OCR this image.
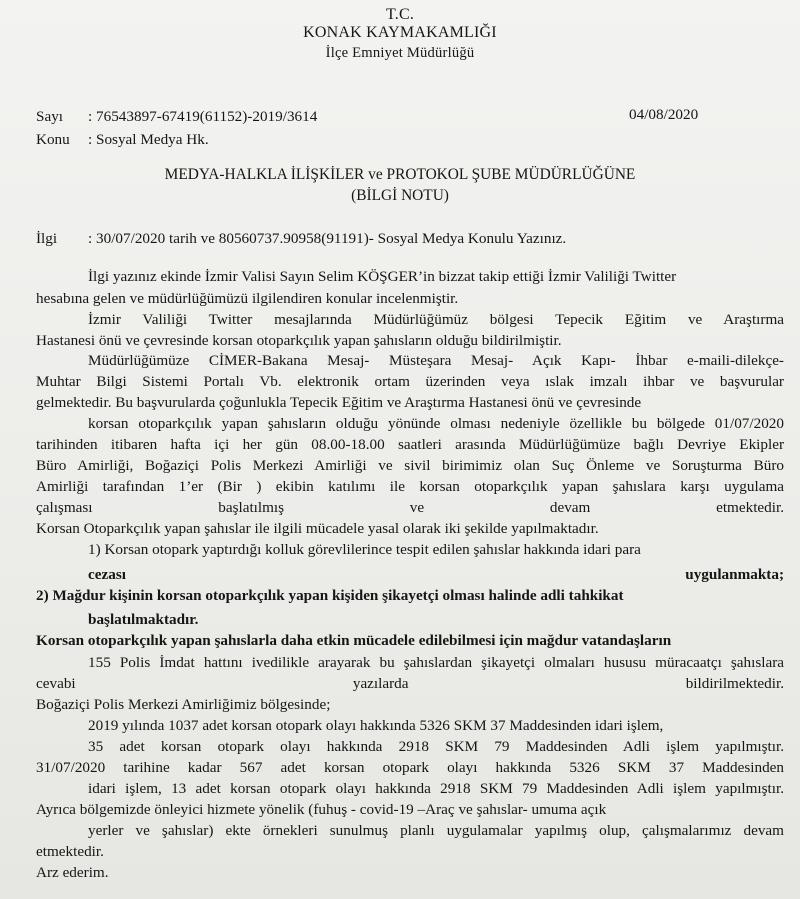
T.C.
KONAK KAYMAKAMLIĞI
İlçe Emniyet Müdürlüğü
Sayı : 76543897-67419(61152)-2019/3614	04/08/2020
Konu : Sosyal Medya Hk.
MEDYA-HALKLA İLİŞKİLER ve PROTOKOL ŞUBE MÜDÜRLÜĞÜNE
(BİLGİ NOTU)
İlgi : 30/07/2020 tarih ve 80560737.90958(91191)- Sosyal Medya Konulu Yazınız.
İlgi yazınız ekinde İzmir Valisi Sayın Selim KÖŞGER’in bizzat takip ettiği İzmir Valiliği Twitter
hesabına gelen ve müdürlüğümüzü ilgilendiren konular incelenmiştir.
İzmir Valiliği Twitter mesajlarında Müdürlüğümüz bölgesi Tepecik Eğitim ve Araştırma
Hastanesi önü ve çevresinde korsan otoparkçılık yapan şahısların olduğu bildirilmiştir.
Müdürlüğümüze CİMER-Bakana Mesaj- Müsteşara Mesaj- Açık Kapı- İhbar e-maili-dilekçe-
Muhtar Bilgi Sistemi Portalı Vb. elektronik ortam üzerinden veya ıslak imzalı ihbar ve başvurular
gelmektedir. Bu başvurularda çoğunlukla Tepecik Eğitim ve Araştırma Hastanesi önü ve çevresinde
korsan otoparkçılık yapan şahısların olduğu yönünde olması nedeniyle özellikle bu bölgede 01/07/2020
tarihinden itibaren hafta içi her gün 08.00-18.00 saatleri arasında Müdürlüğümüze bağlı Devriye Ekipler
Büro Amirliği, Boğaziçi Polis Merkezi Amirliği ve sivil birimimiz olan Suç Önleme ve Soruşturma Büro
Amirliği tarafından 1’er (Bir ) ekibin katılımı ile korsan otoparkçılık yapan şahıslara karşı uygulama
çalışması başlatılmış ve devam etmektedir.
Korsan Otoparkçılık yapan şahıslar ile ilgili mücadele yasal olarak iki şekilde yapılmaktadır.
1) Korsan otopark yaptırdığı kolluk görevlilerince tespit edilen şahıslar hakkında idari para
cezası uygulanmakta;
2) Mağdur kişinin korsan otoparkçılık yapan kişiden şikayetçi olması halinde adli tahkikat
başlatılmaktadır.
Korsan otoparkçılık yapan şahıslarla daha etkin mücadele edilebilmesi için mağdur vatandaşların
155 Polis İmdat hattını ivedilikle arayarak bu şahıslardan şikayetçi olmaları hususu müracaatçı şahıslara
cevabi yazılarda bildirilmektedir.
Boğaziçi Polis Merkezi Amirliğimiz bölgesinde;
2019 yılında 1037 adet korsan otopark olayı hakkında 5326 SKM 37 Maddesinden idari işlem,
35 adet korsan otopark olayı hakkında 2918 SKM 79 Maddesinden Adli işlem yapılmıştır.
31/07/2020 tarihine kadar 567 adet korsan otopark olayı hakkında 5326 SKM 37 Maddesinden
idari işlem, 13 adet korsan otopark olayı hakkında 2918 SKM 79 Maddesinden Adli işlem yapılmıştır.
Ayrıca bölgemizde önleyici hizmete yönelik (fuhuş - covid-19 –Araç ve şahıslar- umuma açık
yerler ve şahıslar) ekte örnekleri sunulmuş planlı uygulamalar yapılmış olup, çalışmalarımız devam
etmektedir.
Arz ederim.
